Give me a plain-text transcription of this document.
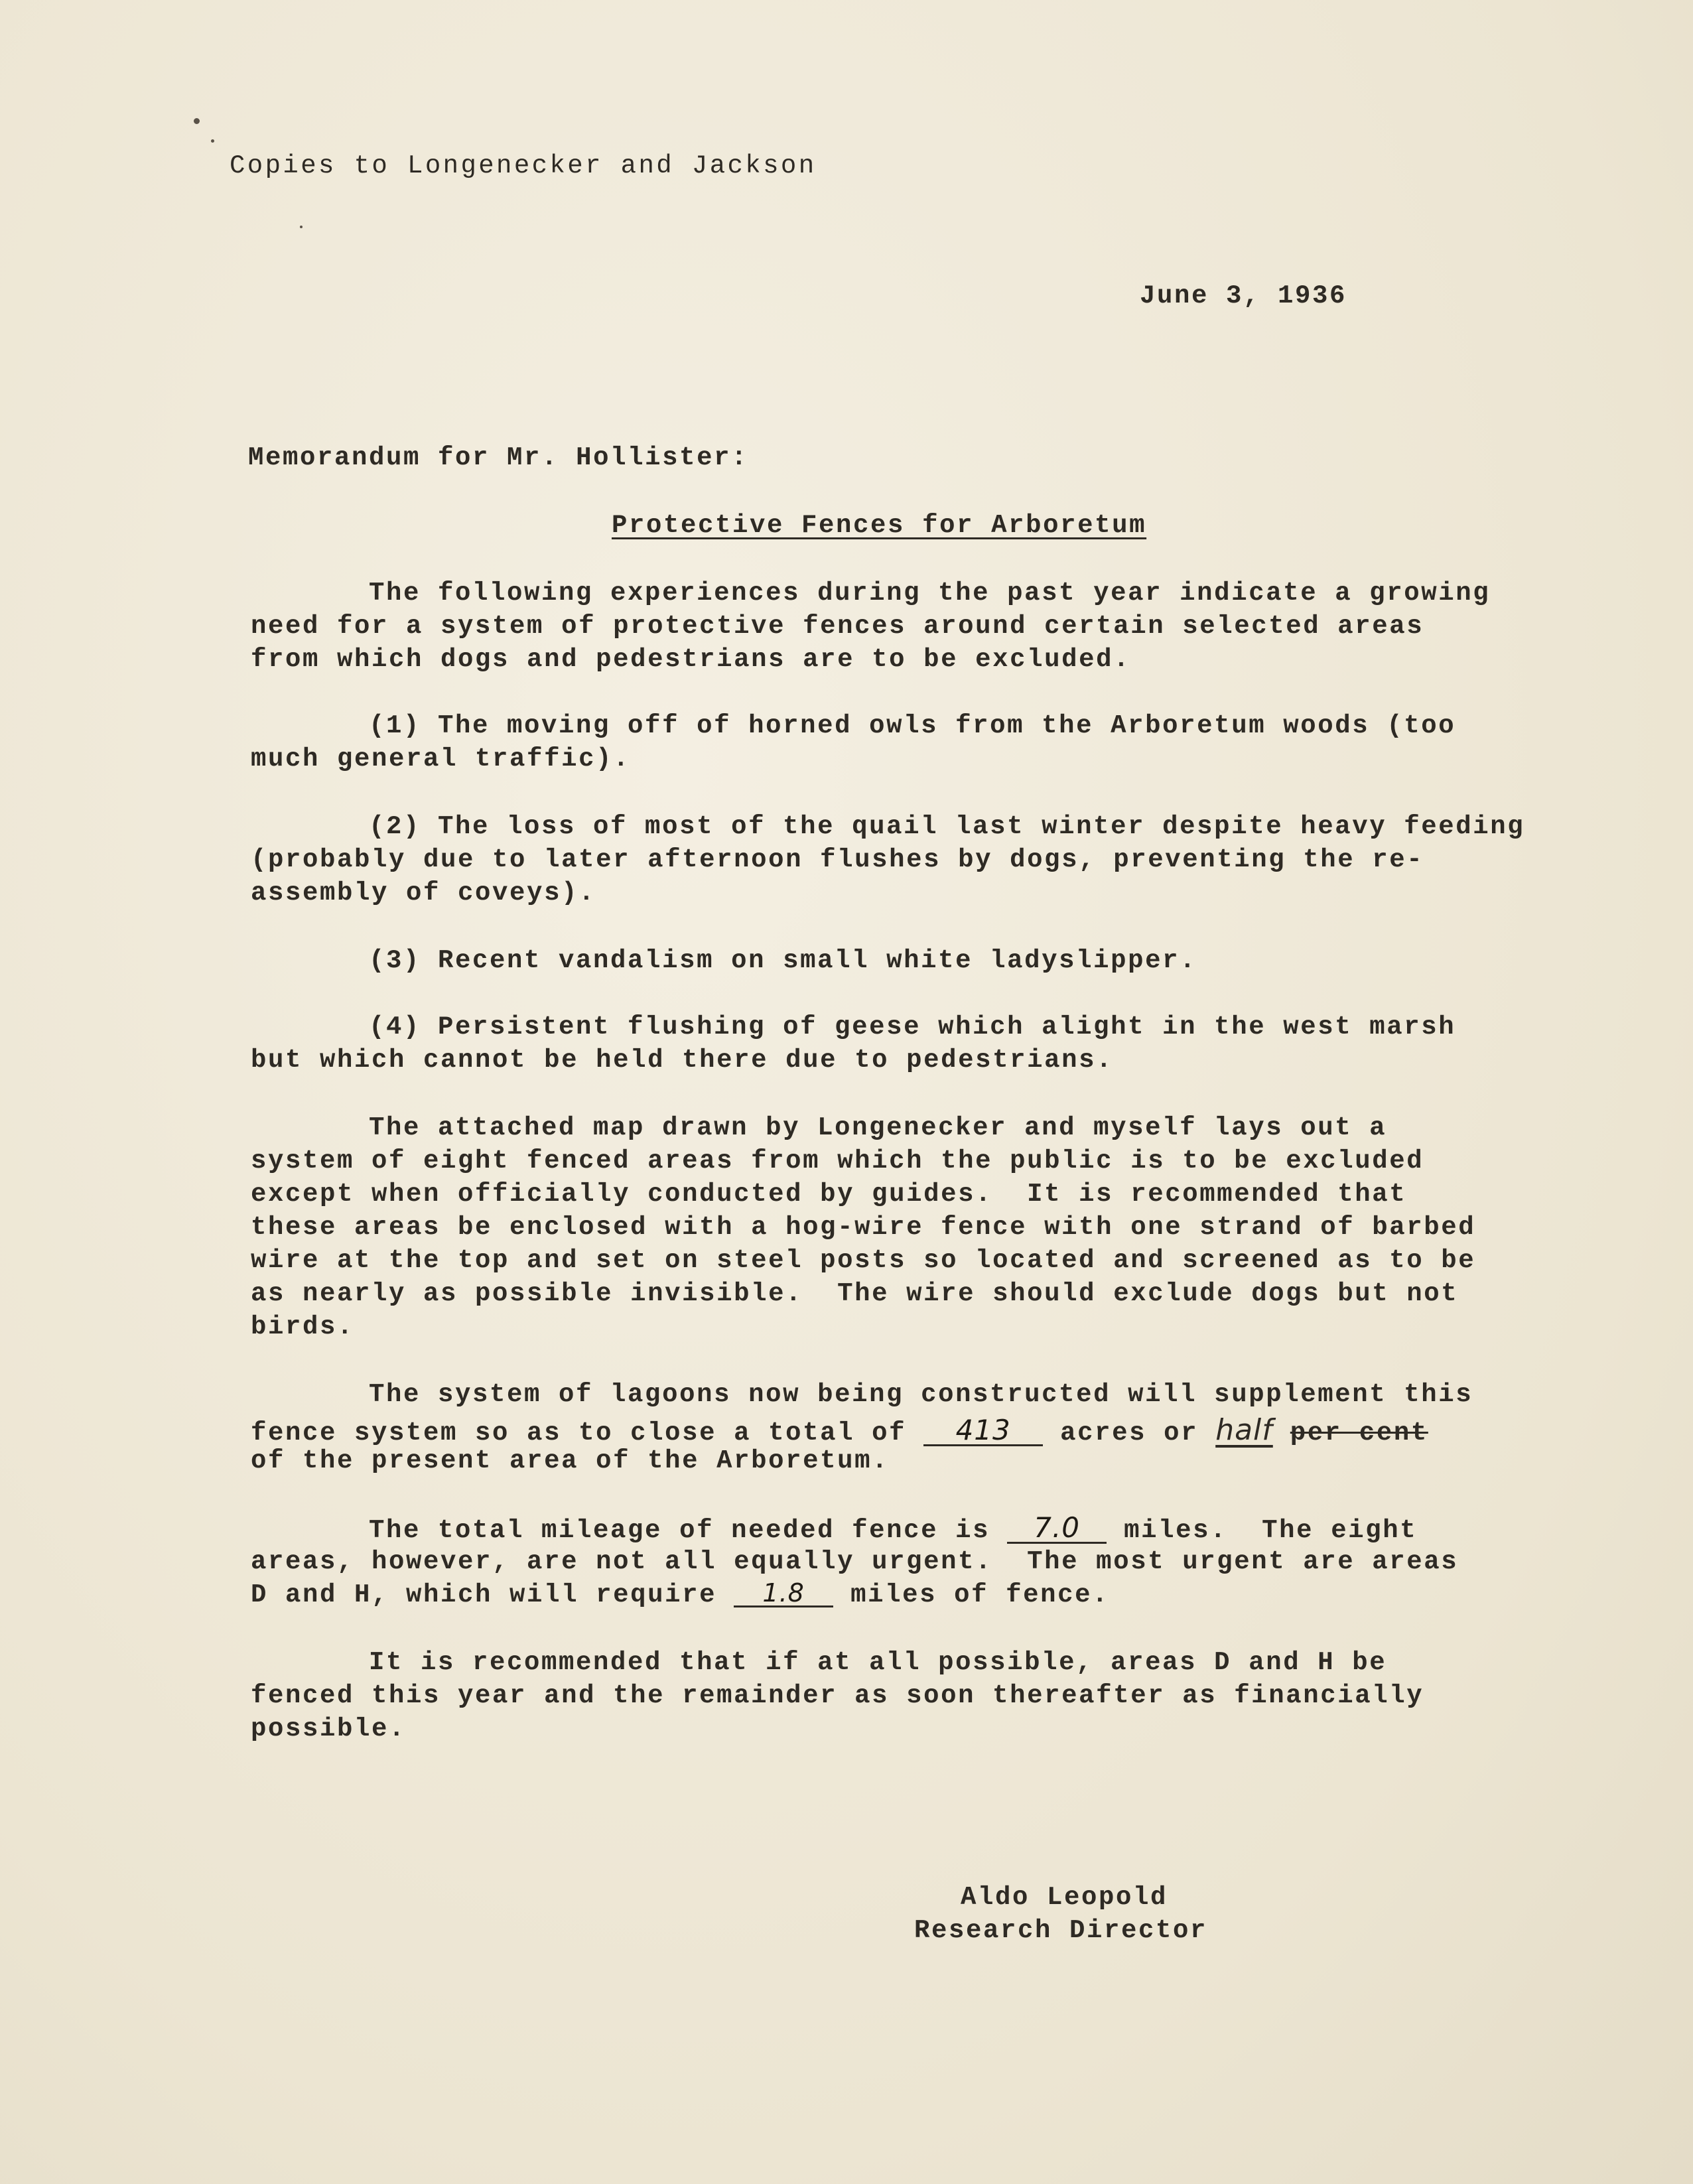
Copies to Longenecker and Jackson
June 3, 1936
Memorandum for Mr. Hollister:
Protective Fences for Arboretum
The following experiences during the past year indicate a growing
need for a system of protective fences around certain selected areas
from which dogs and pedestrians are to be excluded.
(1) The moving off of horned owls from the Arboretum woods (too
much general traffic).
(2) The loss of most of the quail last winter despite heavy feeding
(probably due to later afternoon flushes by dogs, preventing the re-
assembly of coveys).
(3) Recent vandalism on small white ladyslipper.
(4) Persistent flushing of geese which alight in the west marsh
but which cannot be held there due to pedestrians.
The attached map drawn by Longenecker and myself lays out a
system of eight fenced areas from which the public is to be excluded
except when officially conducted by guides.  It is recommended that
these areas be enclosed with a hog-wire fence with one strand of barbed
wire at the top and set on steel posts so located and screened as to be
as nearly as possible invisible.  The wire should exclude dogs but not
birds.
The system of lagoons now being constructed will supplement this
fence system so as to close a total of 413 acres or half per cent
of the present area of the Arboretum.
The total mileage of needed fence is 7.0 miles.  The eight
areas, however, are not all equally urgent.  The most urgent are areas
D and H, which will require 1.8 miles of fence.
It is recommended that if at all possible, areas D and H be
fenced this year and the remainder as soon thereafter as financially
possible.
Aldo Leopold
Research Director
